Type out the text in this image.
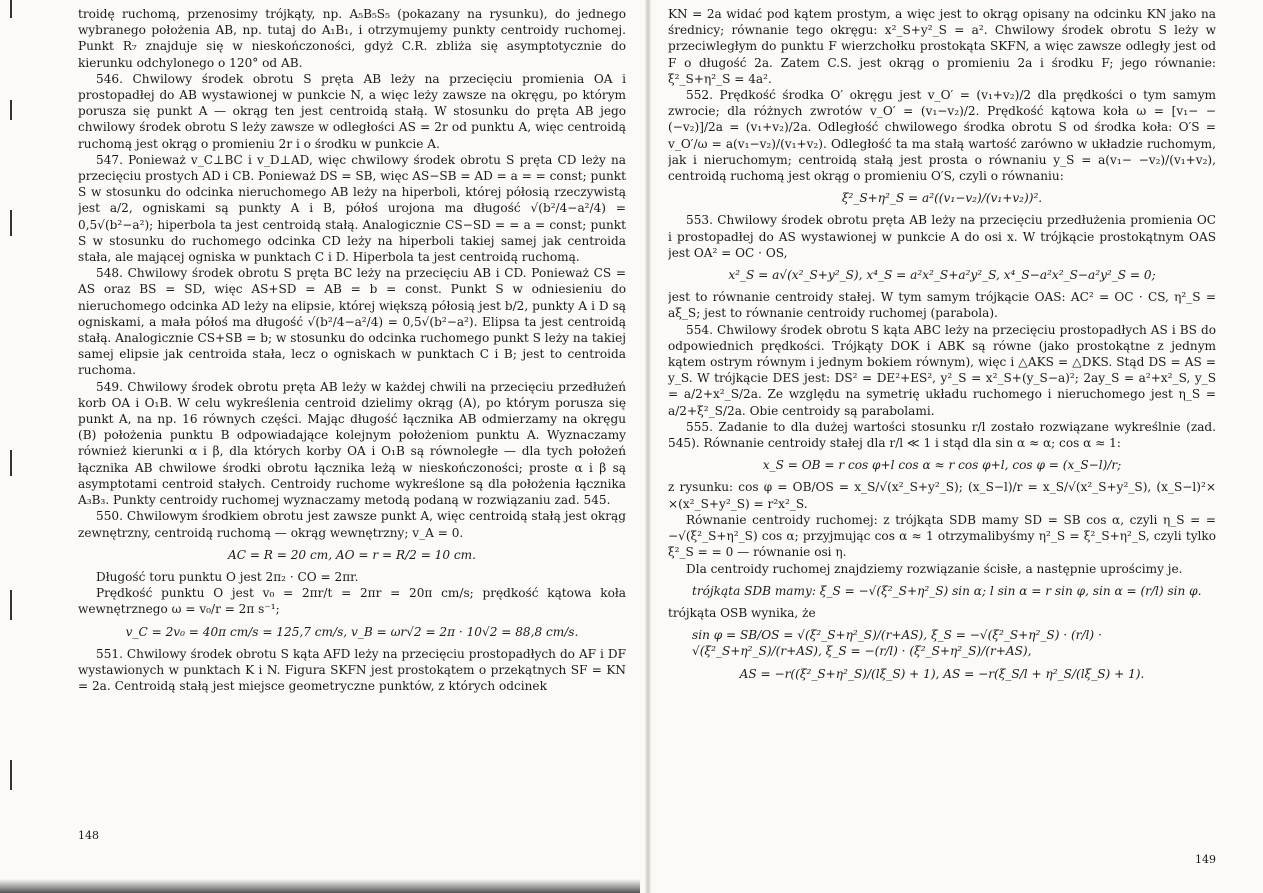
troidę ruchomą, przenosimy trójkąty, np. A₅B₅S₅ (pokazany na rysunku), do jednego wybranego położenia AB, np. tutaj do A₁B₁, i otrzymujemy punkty centroidy ruchomej. Punkt R₇ znajduje się w nieskończoności, gdyż C.R. zbliża się asymptotycznie do kierunku odchylonego o 120° od AB.

546. Chwilowy środek obrotu S pręta AB leży na przecięciu promienia OA i prostopadłej do AB wystawionej w punkcie N, a więc leży zawsze na okręgu, po którym porusza się punkt A — okrąg ten jest centroidą stałą. W stosunku do pręta AB jego chwilowy środek obrotu S leży zawsze w odległości AS = 2r od punktu A, więc centroidą ruchomą jest okrąg o promieniu 2r i o środku w punkcie A.

547. Ponieważ v_C⊥BC i v_D⊥AD, więc chwilowy środek obrotu S pręta CD leży na przecięciu prostych AD i CB. Ponieważ DS = SB, więc AS−SB = AD = a = = const; punkt S w stosunku do odcinka nieruchomego AB leży na hiperboli, której półosią rzeczywistą jest a/2, ogniskami są punkty A i B, półoś urojona ma długość √(b²/4−a²/4) = 0,5√(b²−a²); hiperbola ta jest centroidą stałą. Analogicznie CS−SD = = a = const; punkt S w stosunku do ruchomego odcinka CD leży na hiperboli takiej samej jak centroida stała, ale mającej ogniska w punktach C i D. Hiperbola ta jest centroidą ruchomą.

548. Chwilowy środek obrotu S pręta BC leży na przecięciu AB i CD. Ponieważ CS = AS oraz BS = SD, więc AS+SD = AB = b = const. Punkt S w odniesieniu do nieruchomego odcinka AD leży na elipsie, której większą półosią jest b/2, punkty A i D są ogniskami, a mała półoś ma długość √(b²/4−a²/4) = 0,5√(b²−a²). Elipsa ta jest centroidą stałą. Analogicznie CS+SB = b; w stosunku do odcinka ruchomego punkt S leży na takiej samej elipsie jak centroida stała, lecz o ogniskach w punktach C i B; jest to centroida ruchoma.

549. Chwilowy środek obrotu pręta AB leży w każdej chwili na przecięciu przedłużeń korb OA i O₁B. W celu wykreślenia centroid dzielimy okrąg (A), po którym porusza się punkt A, na np. 16 równych części. Mając długość łącznika AB odmierzamy na okręgu (B) położenia punktu B odpowiadające kolejnym położeniom punktu A. Wyznaczamy również kierunki α i β, dla których korby OA i O₁B są równoległe — dla tych położeń łącznika AB chwilowe środki obrotu łącznika leżą w nieskończoności; proste α i β są asymptotami centroid stałych. Centroidy ruchome wykreślone są dla położenia łącznika A₃B₃. Punkty centroidy ruchomej wyznaczamy metodą podaną w rozwiązaniu zad. 545.

550. Chwilowym środkiem obrotu jest zawsze punkt A, więc centroidą stałą jest okrąg zewnętrzny, centroidą ruchomą — okrąg wewnętrzny; v_A = 0.

AC = R = 20 cm, AO = r = R/2 = 10 cm.

Długość toru punktu O jest 2π₂ · CO = 2πr.

Prędkość punktu O jest v₀ = 2πr/t = 2πr = 20π cm/s; prędkość kątowa koła wewnętrznego ω = v₀/r = 2π s⁻¹;

v_C = 2v₀ = 40π cm/s = 125,7 cm/s, v_B = ωr√2 = 2π · 10√2 = 88,8 cm/s.

551. Chwilowy środek obrotu S kąta AFD leży na przecięciu prostopadłych do AF i DF wystawionych w punktach K i N. Figura SKFN jest prostokątem o przekątnych SF = KN = 2a. Centroidą stałą jest miejsce geometryczne punktów, z których odcinek

148

KN = 2a widać pod kątem prostym, a więc jest to okrąg opisany na odcinku KN jako na średnicy; równanie tego okręgu: x²_S+y²_S = a². Chwilowy środek obrotu S leży w przeciwległym do punktu F wierzchołku prostokąta SKFN, a więc zawsze odległy jest od F o długość 2a. Zatem C.S. jest okrąg o promieniu 2a i środku F; jego równanie: ξ²_S+η²_S = 4a².

552. Prędkość środka O′ okręgu jest v_O′ = (v₁+v₂)/2 dla prędkości o tym samym zwrocie; dla różnych zwrotów v_O′ = (v₁−v₂)/2. Prędkość kątowa koła ω = [v₁− −(−v₂)]/2a = (v₁+v₂)/2a. Odległość chwilowego środka obrotu S od środka koła: O′S = v_O′/ω = a(v₁−v₂)/(v₁+v₂). Odległość ta ma stałą wartość zarówno w układzie ruchomym, jak i nieruchomym; centroidą stałą jest prosta o równaniu y_S = a(v₁− −v₂)/(v₁+v₂), centroidą ruchomą jest okrąg o promieniu O′S, czyli o równaniu:

ξ²_S+η²_S = a²((v₁−v₂)/(v₁+v₂))².

553. Chwilowy środek obrotu pręta AB leży na przecięciu przedłużenia promienia OC i prostopadłej do AS wystawionej w punkcie A do osi x. W trójkącie prostokątnym OAS jest OA² = OC · OS,

x²_S = a√(x²_S+y²_S), x⁴_S = a²x²_S+a²y²_S, x⁴_S−a²x²_S−a²y²_S = 0;

jest to równanie centroidy stałej. W tym samym trójkącie OAS: AC² = OC · CS, η²_S = aξ_S; jest to równanie centroidy ruchomej (parabola).

554. Chwilowy środek obrotu S kąta ABC leży na przecięciu prostopadłych AS i BS do odpowiednich prędkości. Trójkąty DOK i ABK są równe (jako prostokątne z jednym kątem ostrym równym i jednym bokiem równym), więc i △AKS = △DKS. Stąd DS = AS = y_S. W trójkącie DES jest: DS² = DE²+ES², y²_S = x²_S+(y_S−a)²; 2ay_S = a²+x²_S, y_S = a/2+x²_S/2a. Ze względu na symetrię układu ruchomego i nieruchomego jest η_S = a/2+ξ²_S/2a. Obie centroidy są parabolami.

555. Zadanie to dla dużej wartości stosunku r/l zostało rozwiązane wykreślnie (zad. 545). Równanie centroidy stałej dla r/l ≪ 1 i stąd dla sin α ≈ α; cos α ≈ 1:

x_S = OB = r cos φ+l cos α ≈ r cos φ+l, cos φ = (x_S−l)/r;

z rysunku: cos φ = OB/OS = x_S/√(x²_S+y²_S); (x_S−l)/r = x_S/√(x²_S+y²_S), (x_S−l)²× ×(x²_S+y²_S) = r²x²_S.

Równanie centroidy ruchomej: z trójkąta SDB mamy SD = SB cos α, czyli η_S = = −√(ξ²_S+η²_S) cos α; przyjmując cos α ≈ 1 otrzymalibyśmy η²_S = ξ²_S+η²_S, czyli tylko ξ²_S = = 0 — równanie osi η.

Dla centroidy ruchomej znajdziemy rozwiązanie ścisłe, a następnie uprościmy je.

trójkąta SDB mamy: ξ_S = −√(ξ²_S+η²_S) sin α; l sin α = r sin φ, sin α = (r/l) sin φ.

trójkąta OSB wynika, że

sin φ = SB/OS = √(ξ²_S+η²_S)/(r+AS), ξ_S = −√(ξ²_S+η²_S) · (r/l) · √(ξ²_S+η²_S)/(r+AS), ξ_S = −(r/l) · (ξ²_S+η²_S)/(r+AS),
AS = −r((ξ²_S+η²_S)/(lξ_S) + 1), AS = −r(ξ_S/l + η²_S/(lξ_S) + 1).
149
